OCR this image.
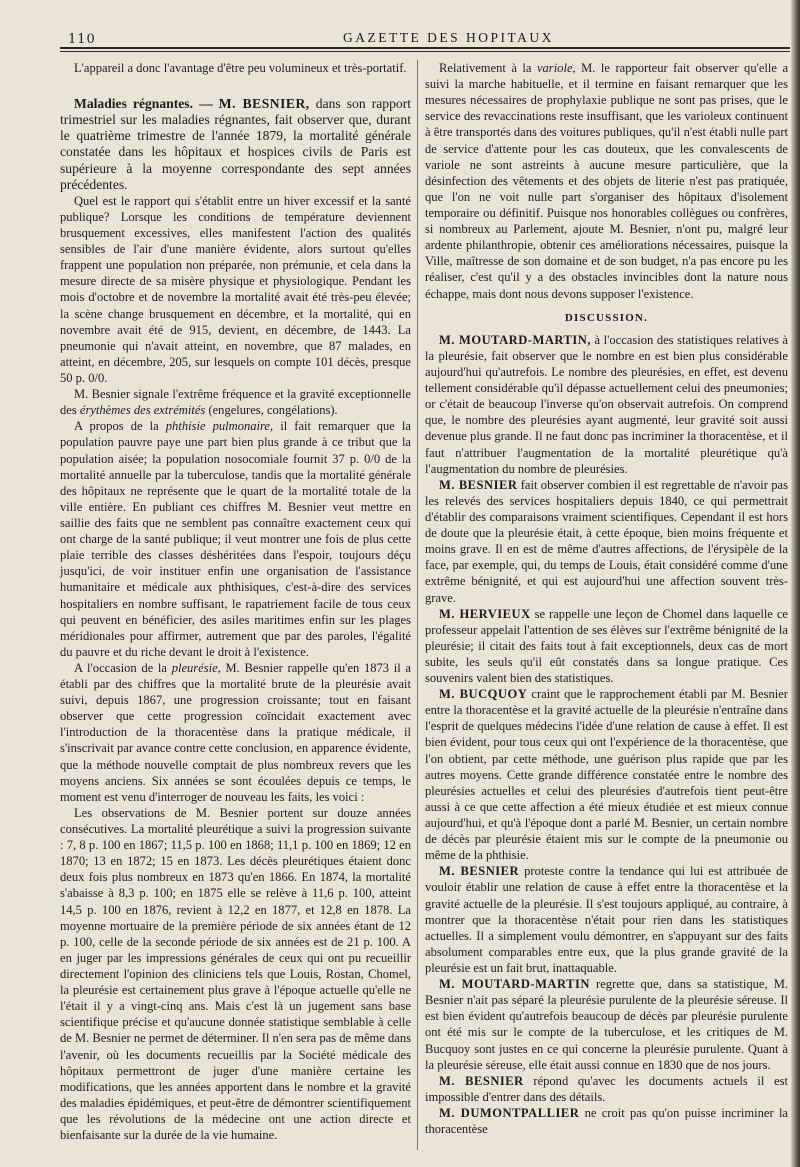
110	GAZETTE DES HOPITAUX

L'appareil a donc l'avantage d'être peu volumineux et très-portatif.

Maladies régnantes. — M. BESNIER, dans son rapport trimestriel sur les maladies régnantes, fait observer que, durant le quatrième trimestre de l'année 1879, la mortalité générale constatée dans les hôpitaux et hospices civils de Paris est supérieure à la moyenne correspondante des sept années précédentes.

Quel est le rapport qui s'établit entre un hiver excessif et la santé publique? Lorsque les conditions de température deviennent brusquement excessives, elles manifestent l'action des qualités sensibles de l'air d'une manière évidente, alors surtout qu'elles frappent une population non préparée, non prémunie, et cela dans la mesure directe de sa misère physique et physiologique. Pendant les mois d'octobre et de novembre la mortalité avait été très-peu élevée; la scène change brusquement en décembre, et la mortalité, qui en novembre avait été de 915, devient, en décembre, de 1443. La pneumonie qui n'avait atteint, en novembre, que 87 malades, en atteint, en décembre, 205, sur lesquels on compte 101 décès, presque 50 p. 0/0.

M. Besnier signale l'extrême fréquence et la gravité exceptionnelle des érythèmes des extrémités (engelures, congélations).

A propos de la phthisie pulmonaire, il fait remarquer que la population pauvre paye une part bien plus grande à ce tribut que la population aisée; la population nosocomiale fournit 37 p. 0/0 de la mortalité annuelle par la tuberculose, tandis que la mortalité générale des hôpitaux ne représente que le quart de la mortalité totale de la ville entière. En publiant ces chiffres M. Besnier veut mettre en saillie des faits que ne semblent pas connaître exactement ceux qui ont charge de la santé publique; il veut montrer une fois de plus cette plaie terrible des classes déshéritées dans l'espoir, toujours déçu jusqu'ici, de voir instituer enfin une organisation de l'assistance humanitaire et médicale aux phthisiques, c'est-à-dire des services hospitaliers en nombre suffisant, le rapatriement facile de tous ceux qui peuvent en bénéficier, des asiles maritimes enfin sur les plages méridionales pour affirmer, autrement que par des paroles, l'égalité du pauvre et du riche devant le droit à l'existence.

A l'occasion de la pleurésie, M. Besnier rappelle qu'en 1873 il a établi par des chiffres que la mortalité brute de la pleurésie avait suivi, depuis 1867, une progression croissante; tout en faisant observer que cette progression coïncidait exactement avec l'introduction de la thoracentèse dans la pratique médicale, il s'inscrivait par avance contre cette conclusion, en apparence évidente, que la méthode nouvelle comptait de plus nombreux revers que les moyens anciens. Six années se sont écoulées depuis ce temps, le moment est venu d'interroger de nouveau les faits, les voici :

Les observations de M. Besnier portent sur douze années consécutives. La mortalité pleurétique a suivi la progression suivante : 7, 8 p. 100 en 1867; 11,5 p. 100 en 1868; 11,1 p. 100 en 1869; 12 en 1870; 13 en 1872; 15 en 1873. Les décès pleurétiques étaient donc deux fois plus nombreux en 1873 qu'en 1866. En 1874, la mortalité s'abaisse à 8,3 p. 100; en 1875 elle se relève à 11,6 p. 100, atteint 14,5 p. 100 en 1876, revient à 12,2 en 1877, et 12,8 en 1878. La moyenne mortuaire de la première période de six années étant de 12 p. 100, celle de la seconde période de six années est de 21 p. 100. A en juger par les impressions générales de ceux qui ont pu recueillir directement l'opinion des cliniciens tels que Louis, Rostan, Chomel, la pleurésie est certainement plus grave à l'époque actuelle qu'elle ne l'était il y a vingt-cinq ans. Mais c'est là un jugement sans base scientifique précise et qu'aucune donnée statistique semblable à celle de M. Besnier ne permet de déterminer. Il n'en sera pas de même dans l'avenir, où les documents recueillis par la Société médicale des hôpitaux permettront de juger d'une manière certaine les modifications, que les années apportent dans le nombre et la gravité des maladies épidémiques, et peut-être de démontrer scientifiquement que les révolutions de la médecine ont une action directe et bienfaisante sur la durée de la vie humaine.

Relativement à la variole, M. le rapporteur fait observer qu'elle a suivi la marche habituelle, et il termine en faisant remarquer que les mesures nécessaires de prophylaxie publique ne sont pas prises, que le service des revaccinations reste insuffisant, que les varioleux continuent à être transportés dans des voitures publiques, qu'il n'est établi nulle part de service d'attente pour les cas douteux, que les convalescents de variole ne sont astreints à aucune mesure particulière, que la désinfection des vêtements et des objets de literie n'est pas pratiquée, que l'on ne voit nulle part s'organiser des hôpitaux d'isolement temporaire ou définitif. Puisque nos honorables collègues ou confrères, si nombreux au Parlement, ajoute M. Besnier, n'ont pu, malgré leur ardente philanthropie, obtenir ces améliorations nécessaires, puisque la Ville, maîtresse de son domaine et de son budget, n'a pas encore pu les réaliser, c'est qu'il y a des obstacles invincibles dont la nature nous échappe, mais dont nous devons supposer l'existence.

DISCUSSION.

M. MOUTARD-MARTIN, à l'occasion des statistiques relatives à la pleurésie, fait observer que le nombre en est bien plus considérable aujourd'hui qu'autrefois. Le nombre des pleurésies, en effet, est devenu tellement considérable qu'il dépasse actuellement celui des pneumonies; or c'était de beaucoup l'inverse qu'on observait autrefois. On comprend que, le nombre des pleurésies ayant augmenté, leur gravité soit aussi devenue plus grande. Il ne faut donc pas incriminer la thoracentèse, et il faut n'attribuer l'augmentation de la mortalité pleurétique qu'à l'augmentation du nombre de pleurésies.

M. BESNIER fait observer combien il est regrettable de n'avoir pas les relevés des services hospitaliers depuis 1840, ce qui permettrait d'établir des comparaisons vraiment scientifiques. Cependant il est hors de doute que la pleurésie était, à cette époque, bien moins fréquente et moins grave. Il en est de même d'autres affections, de l'érysipèle de la face, par exemple, qui, du temps de Louis, était considéré comme d'une extrême bénignité, et qui est aujourd'hui une affection souvent très-grave.

M. HERVIEUX se rappelle une leçon de Chomel dans laquelle ce professeur appelait l'attention de ses élèves sur l'extrême bénignité de la pleurésie; il citait des faits tout à fait exceptionnels, deux cas de mort subite, les seuls qu'il eût constatés dans sa longue pratique. Ces souvenirs valent bien des statistiques.

M. BUCQUOY craint que le rapprochement établi par M. Besnier entre la thoracentèse et la gravité actuelle de la pleurésie n'entraîne dans l'esprit de quelques médecins l'idée d'une relation de cause à effet. Il est bien évident, pour tous ceux qui ont l'expérience de la thoracentèse, que l'on obtient, par cette méthode, une guérison plus rapide que par les autres moyens. Cette grande différence constatée entre le nombre des pleurésies actuelles et celui des pleurésies d'autrefois tient peut-être aussi à ce que cette affection a été mieux étudiée et est mieux connue aujourd'hui, et qu'à l'époque dont a parlé M. Besnier, un certain nombre de décès par pleurésie étaient mis sur le compte de la pneumonie ou même de la phthisie.

M. BESNIER proteste contre la tendance qui lui est attribuée de vouloir établir une relation de cause à effet entre la thoracentèse et la gravité actuelle de la pleurésie. Il s'est toujours appliqué, au contraire, à montrer que la thoracentèse n'était pour rien dans les statistiques actuelles. Il a simplement voulu démontrer, en s'appuyant sur des faits absolument comparables entre eux, que la plus grande gravité de la pleurésie est un fait brut, inattaquable.

M. MOUTARD-MARTIN regrette que, dans sa statistique, M. Besnier n'ait pas séparé la pleurésie purulente de la pleurésie séreuse. Il est bien évident qu'autrefois beaucoup de décès par pleurésie purulente ont été mis sur le compte de la tuberculose, et les critiques de M. Bucquoy sont justes en ce qui concerne la pleurésie purulente. Quant à la pleurésie séreuse, elle était aussi connue en 1830 que de nos jours.

M. BESNIER répond qu'avec les documents actuels il est impossible d'entrer dans des détails.

M. DUMONTPALLIER ne croit pas qu'on puisse incriminer la thoracentèse
